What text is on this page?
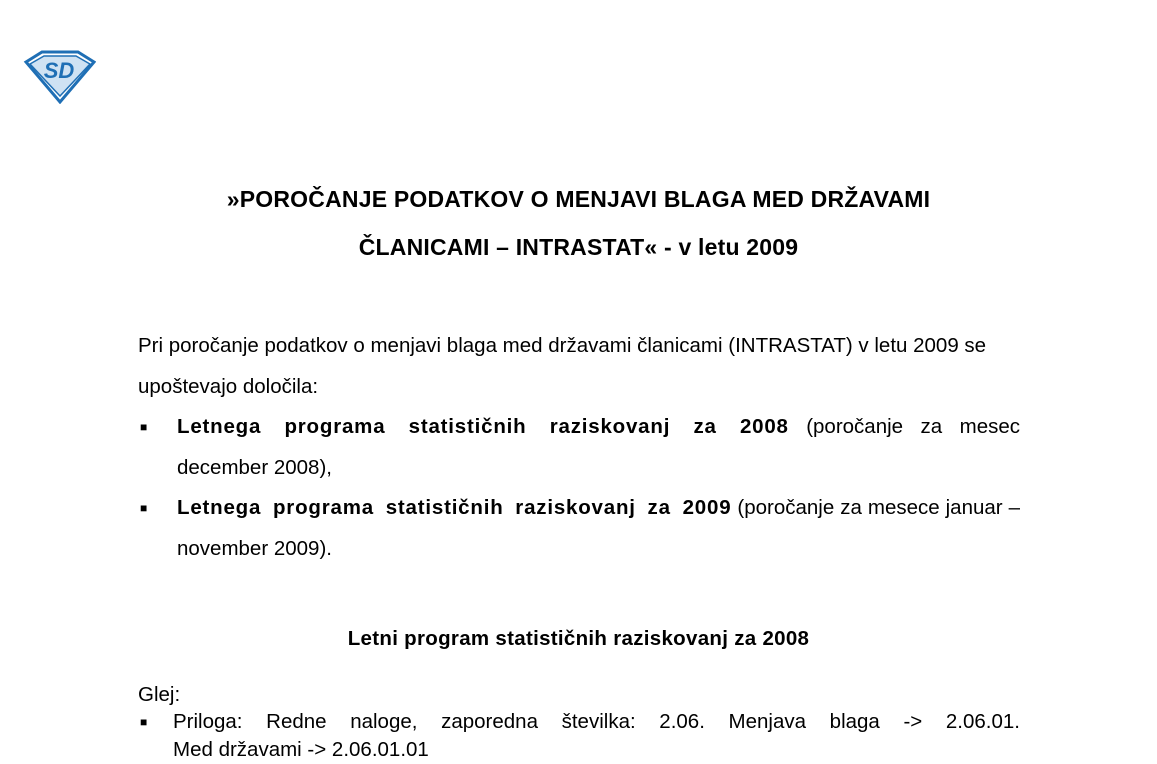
SD
»POROČANJE PODATKOV O MENJAVI BLAGA MED DRŽAVAMI
ČLANICAMI – INTRASTAT« - v letu 2009
Pri poročanje podatkov o menjavi blaga med državami članicami (INTRASTAT) v letu 2009 se upoštevajo določila:
■ Letnega programa statističnih raziskovanj za 2008 (poročanje za mesec december 2008),
■ Letnega programa statističnih raziskovanj za 2009 (poročanje za mesece januar – november 2009).
Letni program statističnih raziskovanj za 2008
Glej:
■ Priloga: Redne naloge, zaporedna številka: 2.06. Menjava blaga -> 2.06.01.
Med državami -> 2.06.01.01
